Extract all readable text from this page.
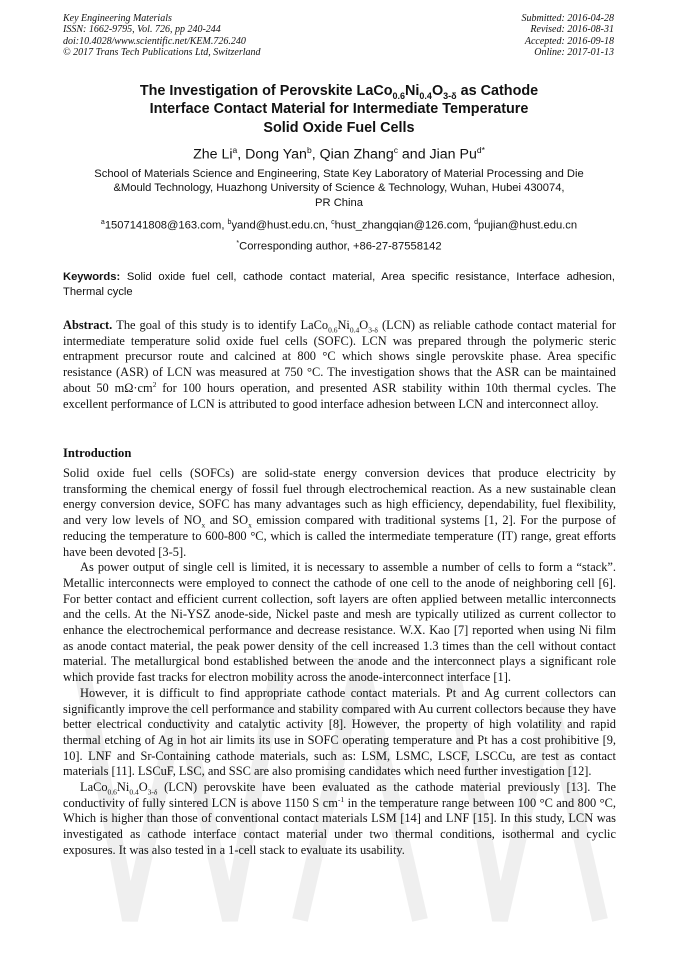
Key Engineering Materials
ISSN: 1662-9795, Vol. 726, pp 240-244
doi:10.4028/www.scientific.net/KEM.726.240
© 2017 Trans Tech Publications Ltd, Switzerland
Submitted: 2016-04-28
Revised: 2016-08-31
Accepted: 2016-09-18
Online: 2017-01-13
The Investigation of Perovskite $LaCo_{0.6}Ni_{0.4}O_{3-\delta}$ as Cathode
Interface Contact Material for Intermediate Temperature
Solid Oxide Fuel Cells
Zhe Li$^a$, Dong Yan$^b$, Qian Zhang$^c$ and Jian $Pu^{d*}$
School of Materials Science and Engineering, State Key Laboratory of Material Processing and Die
&Mould Technology, Huazhong University of Science & Technology, Wuhan, Hubei 430074,
PR China
$^a$1507141808@163.com, $^b$yand@hust.edu.cn, $^c$hust_zhangqian@126.com, $^d$pujian@hust.edu.cn
*Corresponding author, +86-27-87558142
Keywords: Solid oxide fuel cell, cathode contact material, Area specific resistance, Interface adhesion, Thermal cycle
Abstract. The goal of this study is to identify $LaCo_{0.6}Ni_{0.4}O_{3-\delta}$ (LCN) as reliable cathode contact material for intermediate temperature solid oxide fuel cells (SOFC). LCN was prepared through the polymeric steric entrapment precursor route and calcined at 800 °C which shows single perovskite phase. Area specific resistance (ASR) of LCN was measured at 750 °C. The investigation shows that the ASR can be maintained about 50 $m\Omega\cdot cm^2$ for 100 hours operation, and presented ASR stability within 10th thermal cycles. The excellent performance of LCN is attributed to good interface adhesion between LCN and interconnect alloy.
Introduction

Solid oxide fuel cells (SOFCs) are solid-state energy conversion devices that produce electricity by transforming the chemical energy of fossil fuel through electrochemical reaction. As a new sustainable clean energy conversion device, SOFC has many advantages such as high efficiency, dependability, fuel flexibility, and very low levels of $NO_x$ and $SO_x$ emission compared with traditional systems [1, 2]. For the purpose of reducing the temperature to 600-800 °C, which is called the intermediate temperature (IT) range, great efforts have been devoted [3-5].

As power output of single cell is limited, it is necessary to assemble a number of cells to form a “stack”. Metallic interconnects were employed to connect the cathode of one cell to the anode of neighboring cell [6]. For better contact and efficient current collection, soft layers are often applied between metallic interconnects and the cells. At the Ni-YSZ anode-side, Nickel paste and mesh are typically utilized as current collector to enhance the electrochemical performance and decrease resistance. W.X. Kao [7] reported when using Ni film as anode contact material, the peak power density of the cell increased 1.3 times than the cell without contact material. The metallurgical bond established between the anode and the interconnect plays a significant role which provide fast tracks for electron mobility across the anode-interconnect interface [1].

However, it is difficult to find appropriate cathode contact materials. Pt and Ag current collectors can significantly improve the cell performance and stability compared with Au current collectors because they have better electrical conductivity and catalytic activity [8]. However, the property of high volatility and rapid thermal etching of Ag in hot air limits its use in SOFC operating temperature and Pt has a cost prohibitive [9, 10]. LNF and Sr-Containing cathode materials, such as: LSM, LSMC, LSCF, LSCCu, are test as contact materials [11]. LSCuF, LSC, and SSC are also promising candidates which need further investigation [12].

$LaCo_{0.6}Ni_{0.4}O_{3-\delta}$ (LCN) perovskite have been evaluated as the cathode material previously [13]. The conductivity of fully sintered LCN is above 1150 S $cm^{-1}$ in the temperature range between 100 °C and 800 °C, Which is higher than those of conventional contact materials LSM [14] and LNF [15]. In this study, LCN was investigated as cathode interface contact material under two thermal conditions, isothermal and cyclic exposures. It was also tested in a 1-cell stack to evaluate its usability.
